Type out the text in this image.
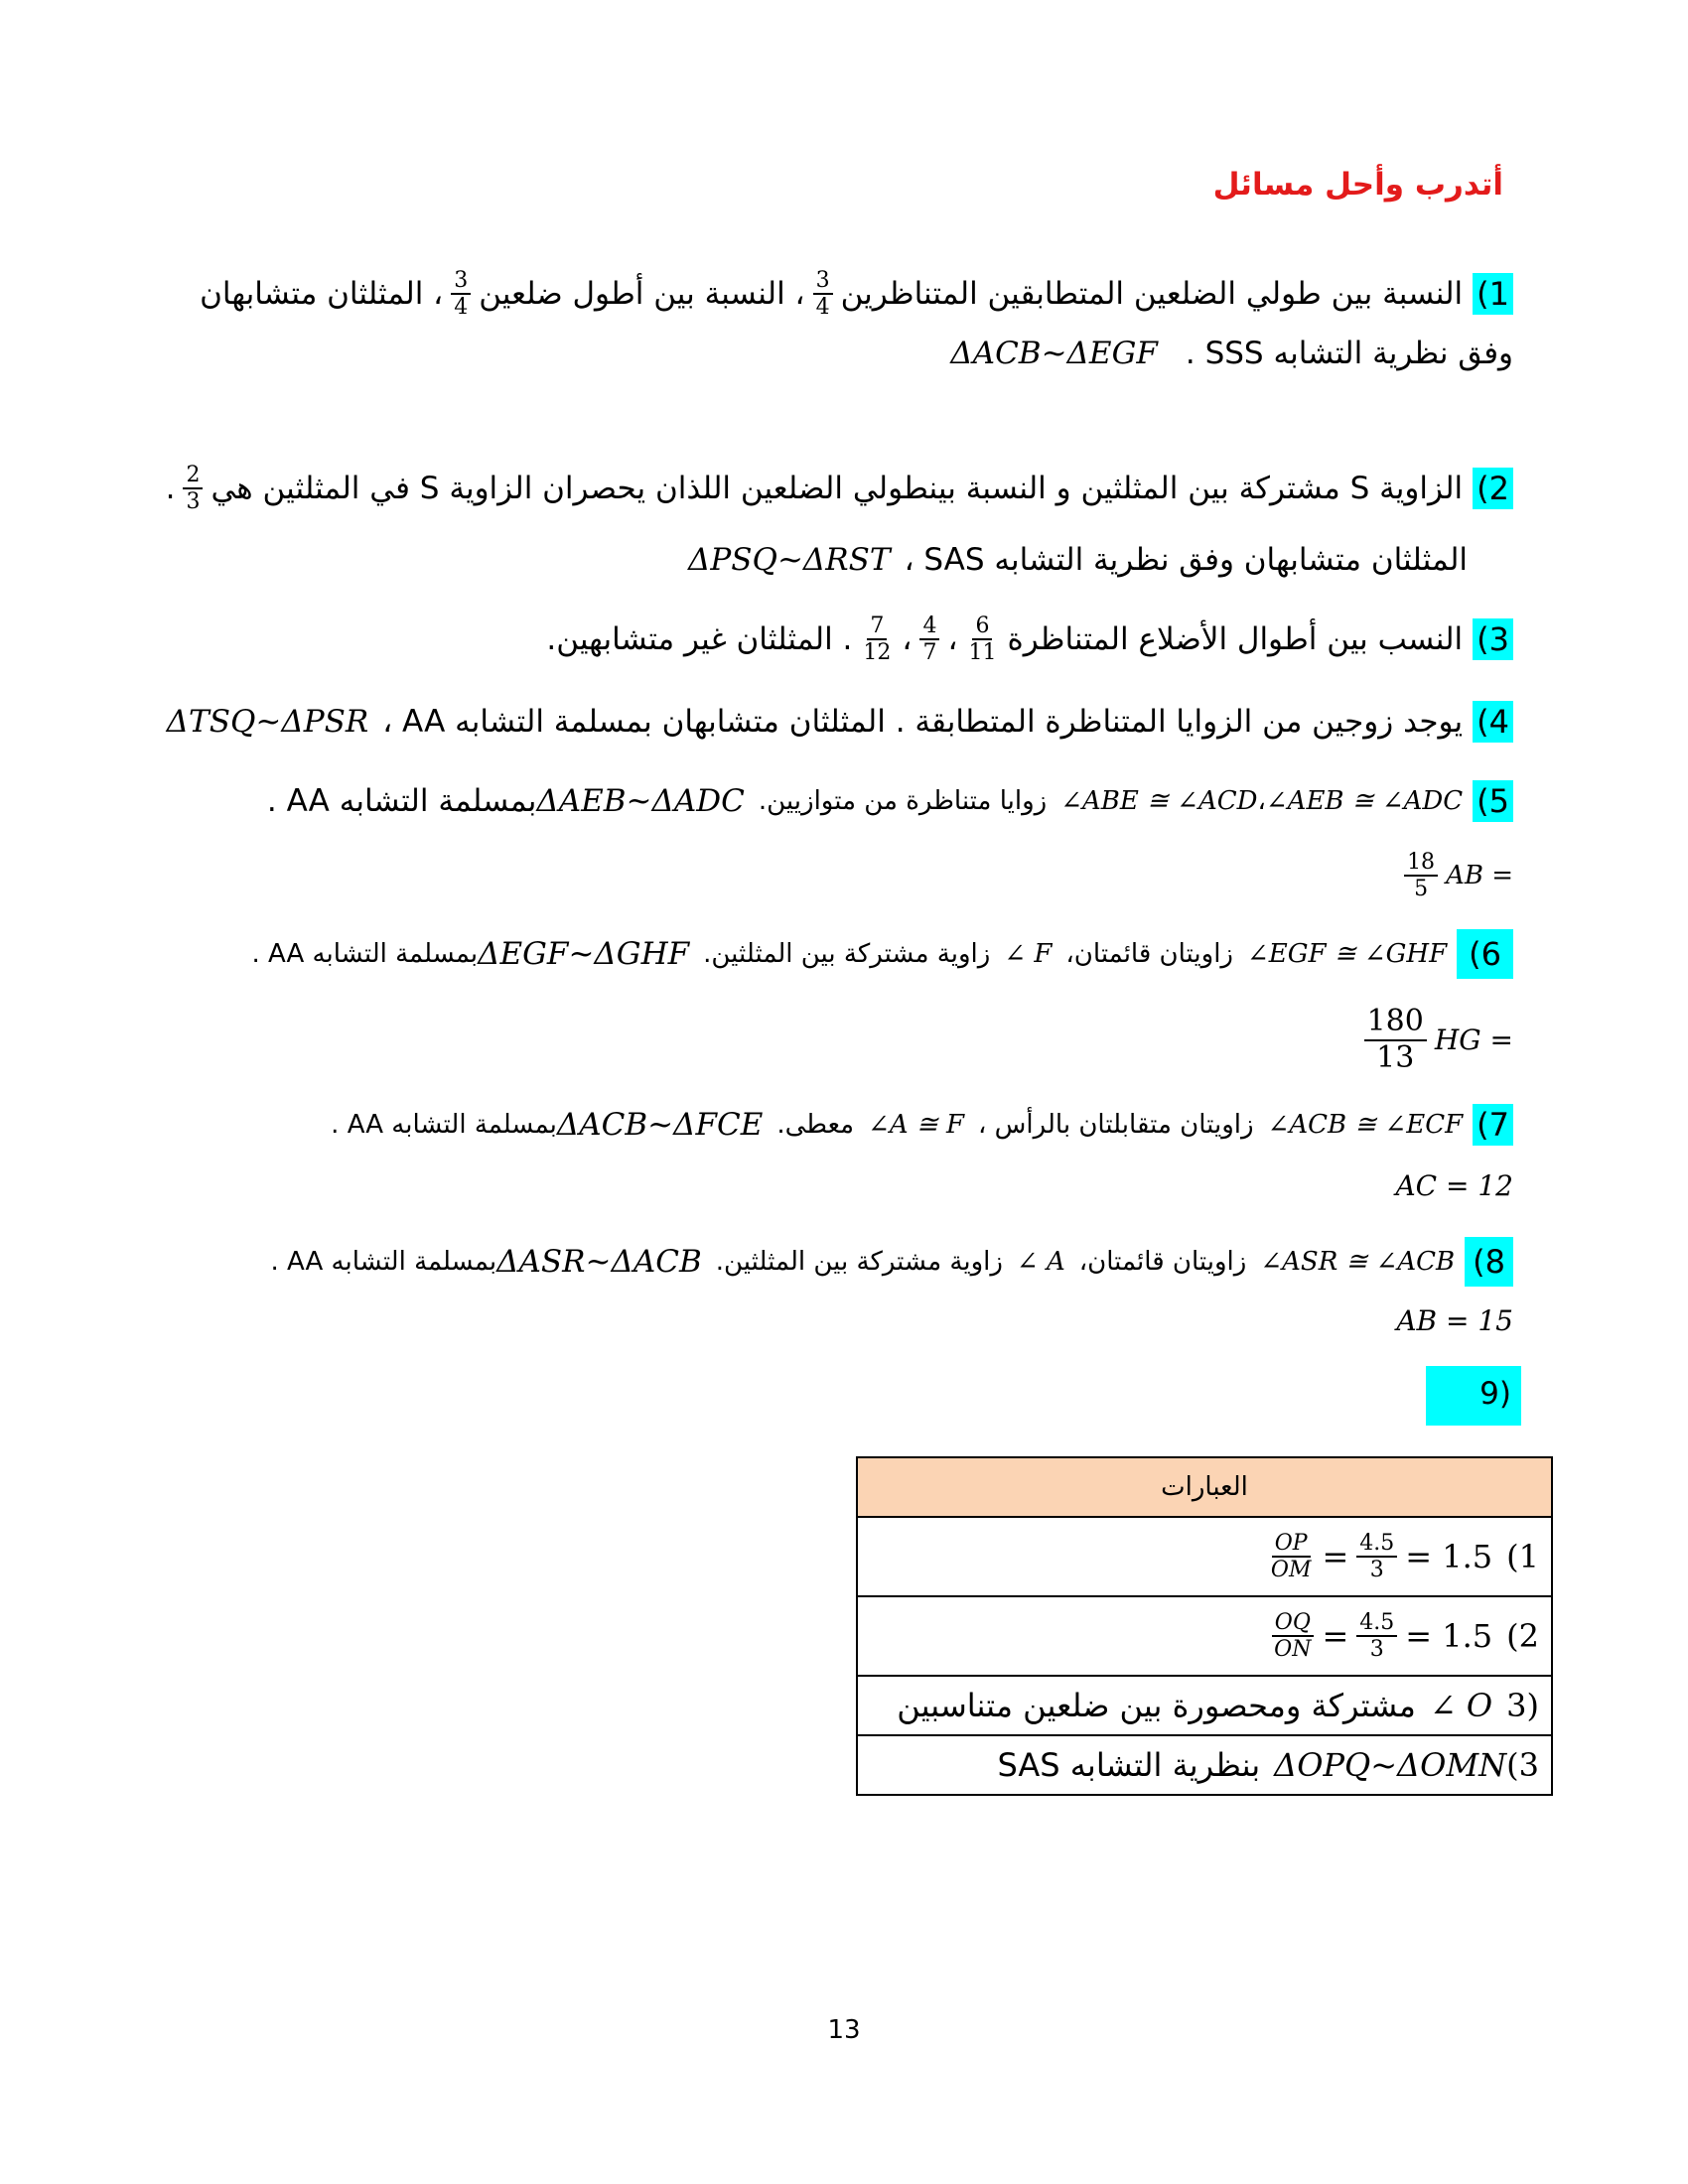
أتدرب وأحل مسائل
1)
النسبة بين طولي الضلعين المتطابقين المتناظرين
$\frac{3}{4}$
، النسبة بين أطول ضلعين
$\frac{3}{4}$
، المثلثان متشابهان
وفق نظرية التشابه SSS .
ΔACB~ΔEGF
2)
الزاوية S مشتركة بين المثلثين و النسبة بينطولي الضلعين اللذان يحصران الزاوية S في المثلثين هي
$\frac{2}{3}$
.
المثلثان متشابهان وفق نظرية التشابه SAS ،
ΔPSQ~ΔRST
3)
النسب بين أطوال الأضلاع المتناظرة
$\frac{6}{11}$
،
$\frac{4}{7}$
،
$\frac{7}{12}$
. المثلثان غير متشابهين.
4)
يوجد زوجين من الزوايا المتناظرة المتطابقة . المثلثان متشابهان بمسلمة التشابه AA ،
ΔTSQ~ΔPSR
5)
∠AEB ≅ ∠ADC
،
∠ABE ≅ ∠ACD
زوايا متناظرة من متوازيين.
ΔAEB~ΔADC
بمسلمة التشابه AA .
AB =
$\frac{18}{5}$
6)
∠EGF ≅ ∠GHF
زاويتان قائمتان،
∠ F
زاوية مشتركة بين المثلثين.
ΔEGF~ΔGHF
بمسلمة التشابه AA .
HG =
$\frac{180}{13}$
7)
∠ACB ≅ ∠ECF
زاويتان متقابلتان بالرأس ،
∠A ≅ F
معطى.
ΔACB~ΔFCE
بمسلمة التشابه AA .
AC = 12
8)
∠ASR ≅ ∠ACB
زاويتان قائمتان،
∠ A
زاوية مشتركة بين المثلثين.
ΔASR~ΔACB
بمسلمة التشابه AA .
AB = 15
(9
العبارات
(1
= 1.5
$\frac{4.5}{3}$
=
$\frac{OP}{OM}$
(2
= 1.5
$\frac{4.5}{3}$
=
$\frac{OQ}{ON}$
3)
∠ O
مشتركة ومحصورة بين ضلعين متناسبين
(3
ΔOPQ~ΔOMN
بنظرية التشابه SAS
13
